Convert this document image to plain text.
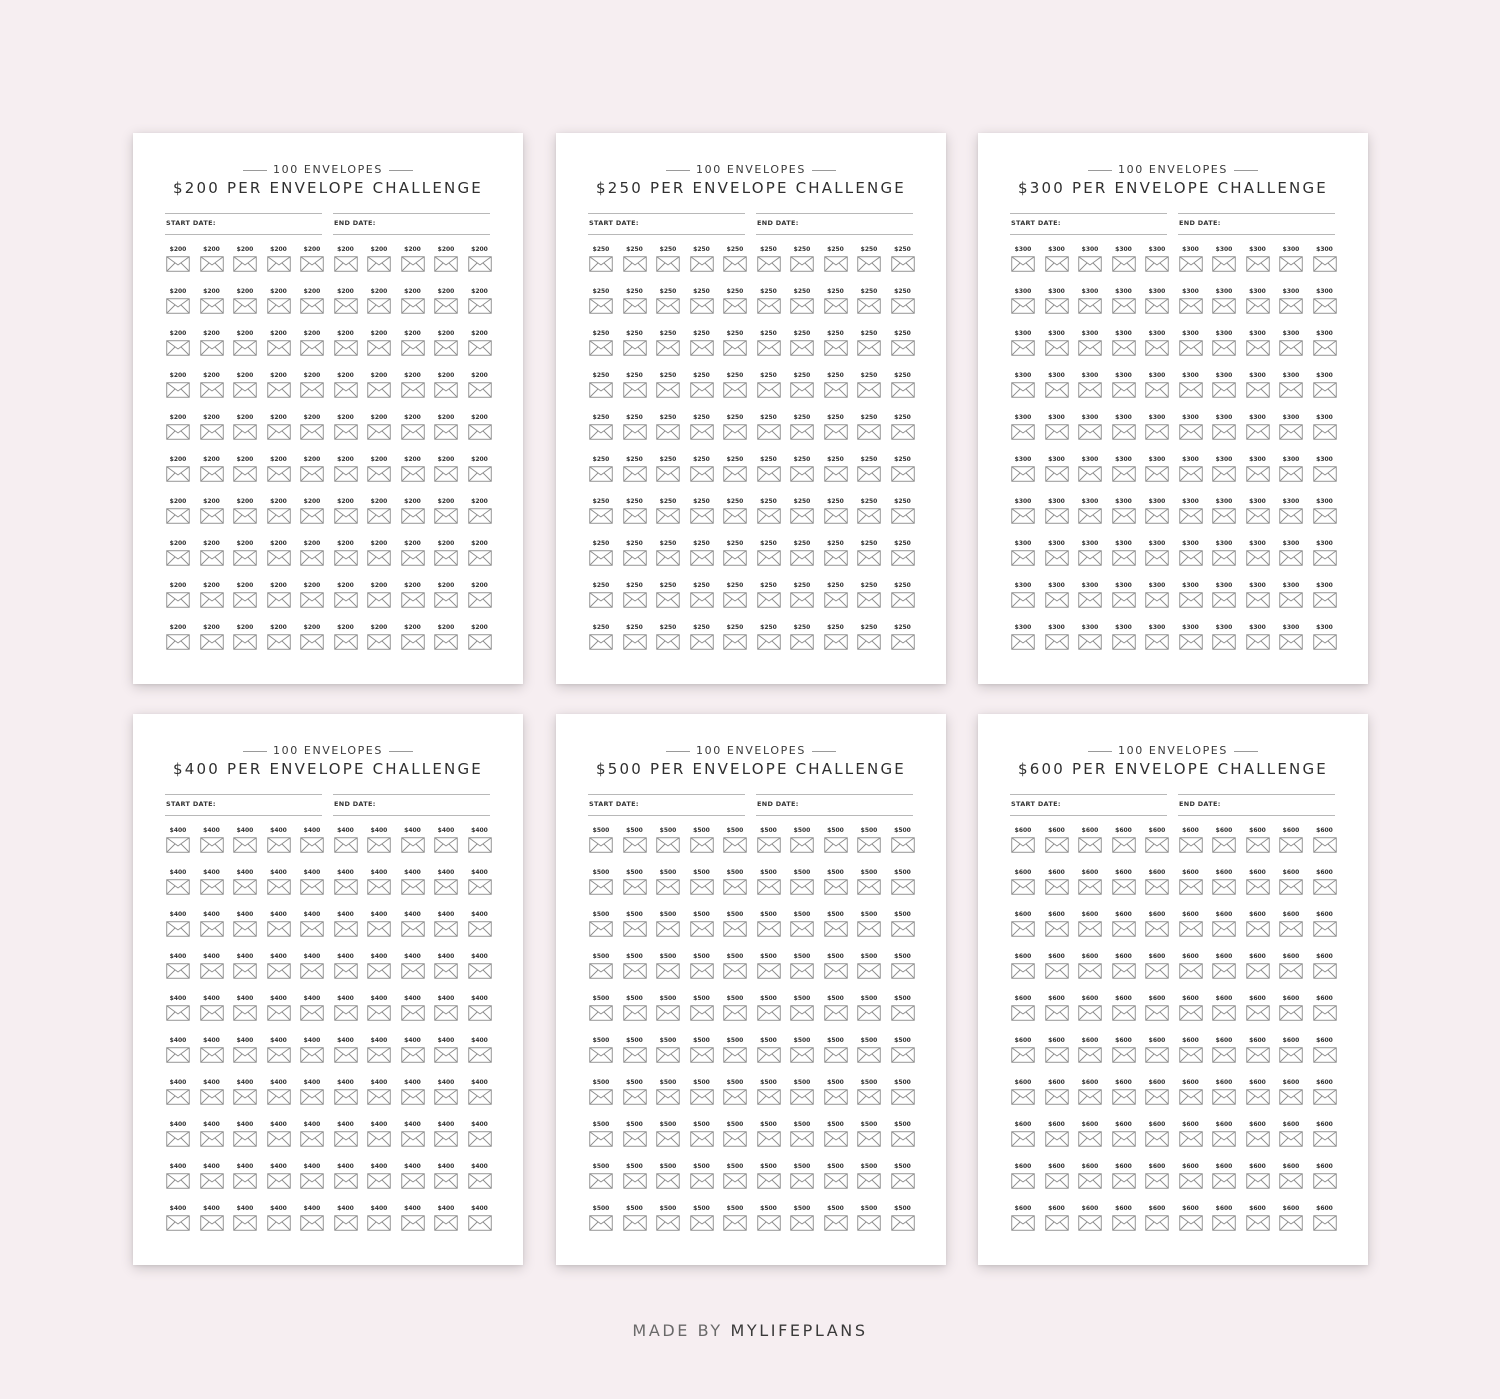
100 ENVELOPES
$200 PER ENVELOPE CHALLENGE
START DATE:	END DATE:
$200	$200	$200	$200	$200	$200	$200	$200	$200	$200
$200	$200	$200	$200	$200	$200	$200	$200	$200	$200
$200	$200	$200	$200	$200	$200	$200	$200	$200	$200
$200	$200	$200	$200	$200	$200	$200	$200	$200	$200
$200	$200	$200	$200	$200	$200	$200	$200	$200	$200
$200	$200	$200	$200	$200	$200	$200	$200	$200	$200
$200	$200	$200	$200	$200	$200	$200	$200	$200	$200
$200	$200	$200	$200	$200	$200	$200	$200	$200	$200
$200	$200	$200	$200	$200	$200	$200	$200	$200	$200
$200	$200	$200	$200	$200	$200	$200	$200	$200	$200
100 ENVELOPES
$250 PER ENVELOPE CHALLENGE
START DATE:	END DATE:
$250	$250	$250	$250	$250	$250	$250	$250	$250	$250
$250	$250	$250	$250	$250	$250	$250	$250	$250	$250
$250	$250	$250	$250	$250	$250	$250	$250	$250	$250
$250	$250	$250	$250	$250	$250	$250	$250	$250	$250
$250	$250	$250	$250	$250	$250	$250	$250	$250	$250
$250	$250	$250	$250	$250	$250	$250	$250	$250	$250
$250	$250	$250	$250	$250	$250	$250	$250	$250	$250
$250	$250	$250	$250	$250	$250	$250	$250	$250	$250
$250	$250	$250	$250	$250	$250	$250	$250	$250	$250
$250	$250	$250	$250	$250	$250	$250	$250	$250	$250
100 ENVELOPES
$300 PER ENVELOPE CHALLENGE
START DATE:	END DATE:
$300	$300	$300	$300	$300	$300	$300	$300	$300	$300
$300	$300	$300	$300	$300	$300	$300	$300	$300	$300
$300	$300	$300	$300	$300	$300	$300	$300	$300	$300
$300	$300	$300	$300	$300	$300	$300	$300	$300	$300
$300	$300	$300	$300	$300	$300	$300	$300	$300	$300
$300	$300	$300	$300	$300	$300	$300	$300	$300	$300
$300	$300	$300	$300	$300	$300	$300	$300	$300	$300
$300	$300	$300	$300	$300	$300	$300	$300	$300	$300
$300	$300	$300	$300	$300	$300	$300	$300	$300	$300
$300	$300	$300	$300	$300	$300	$300	$300	$300	$300
100 ENVELOPES
$400 PER ENVELOPE CHALLENGE
START DATE:	END DATE:
$400	$400	$400	$400	$400	$400	$400	$400	$400	$400
$400	$400	$400	$400	$400	$400	$400	$400	$400	$400
$400	$400	$400	$400	$400	$400	$400	$400	$400	$400
$400	$400	$400	$400	$400	$400	$400	$400	$400	$400
$400	$400	$400	$400	$400	$400	$400	$400	$400	$400
$400	$400	$400	$400	$400	$400	$400	$400	$400	$400
$400	$400	$400	$400	$400	$400	$400	$400	$400	$400
$400	$400	$400	$400	$400	$400	$400	$400	$400	$400
$400	$400	$400	$400	$400	$400	$400	$400	$400	$400
$400	$400	$400	$400	$400	$400	$400	$400	$400	$400
100 ENVELOPES
$500 PER ENVELOPE CHALLENGE
START DATE:	END DATE:
$500	$500	$500	$500	$500	$500	$500	$500	$500	$500
$500	$500	$500	$500	$500	$500	$500	$500	$500	$500
$500	$500	$500	$500	$500	$500	$500	$500	$500	$500
$500	$500	$500	$500	$500	$500	$500	$500	$500	$500
$500	$500	$500	$500	$500	$500	$500	$500	$500	$500
$500	$500	$500	$500	$500	$500	$500	$500	$500	$500
$500	$500	$500	$500	$500	$500	$500	$500	$500	$500
$500	$500	$500	$500	$500	$500	$500	$500	$500	$500
$500	$500	$500	$500	$500	$500	$500	$500	$500	$500
$500	$500	$500	$500	$500	$500	$500	$500	$500	$500
100 ENVELOPES
$600 PER ENVELOPE CHALLENGE
START DATE:	END DATE:
$600	$600	$600	$600	$600	$600	$600	$600	$600	$600
$600	$600	$600	$600	$600	$600	$600	$600	$600	$600
$600	$600	$600	$600	$600	$600	$600	$600	$600	$600
$600	$600	$600	$600	$600	$600	$600	$600	$600	$600
$600	$600	$600	$600	$600	$600	$600	$600	$600	$600
$600	$600	$600	$600	$600	$600	$600	$600	$600	$600
$600	$600	$600	$600	$600	$600	$600	$600	$600	$600
$600	$600	$600	$600	$600	$600	$600	$600	$600	$600
$600	$600	$600	$600	$600	$600	$600	$600	$600	$600
$600	$600	$600	$600	$600	$600	$600	$600	$600	$600
MADE BY MYLIFEPLANS
